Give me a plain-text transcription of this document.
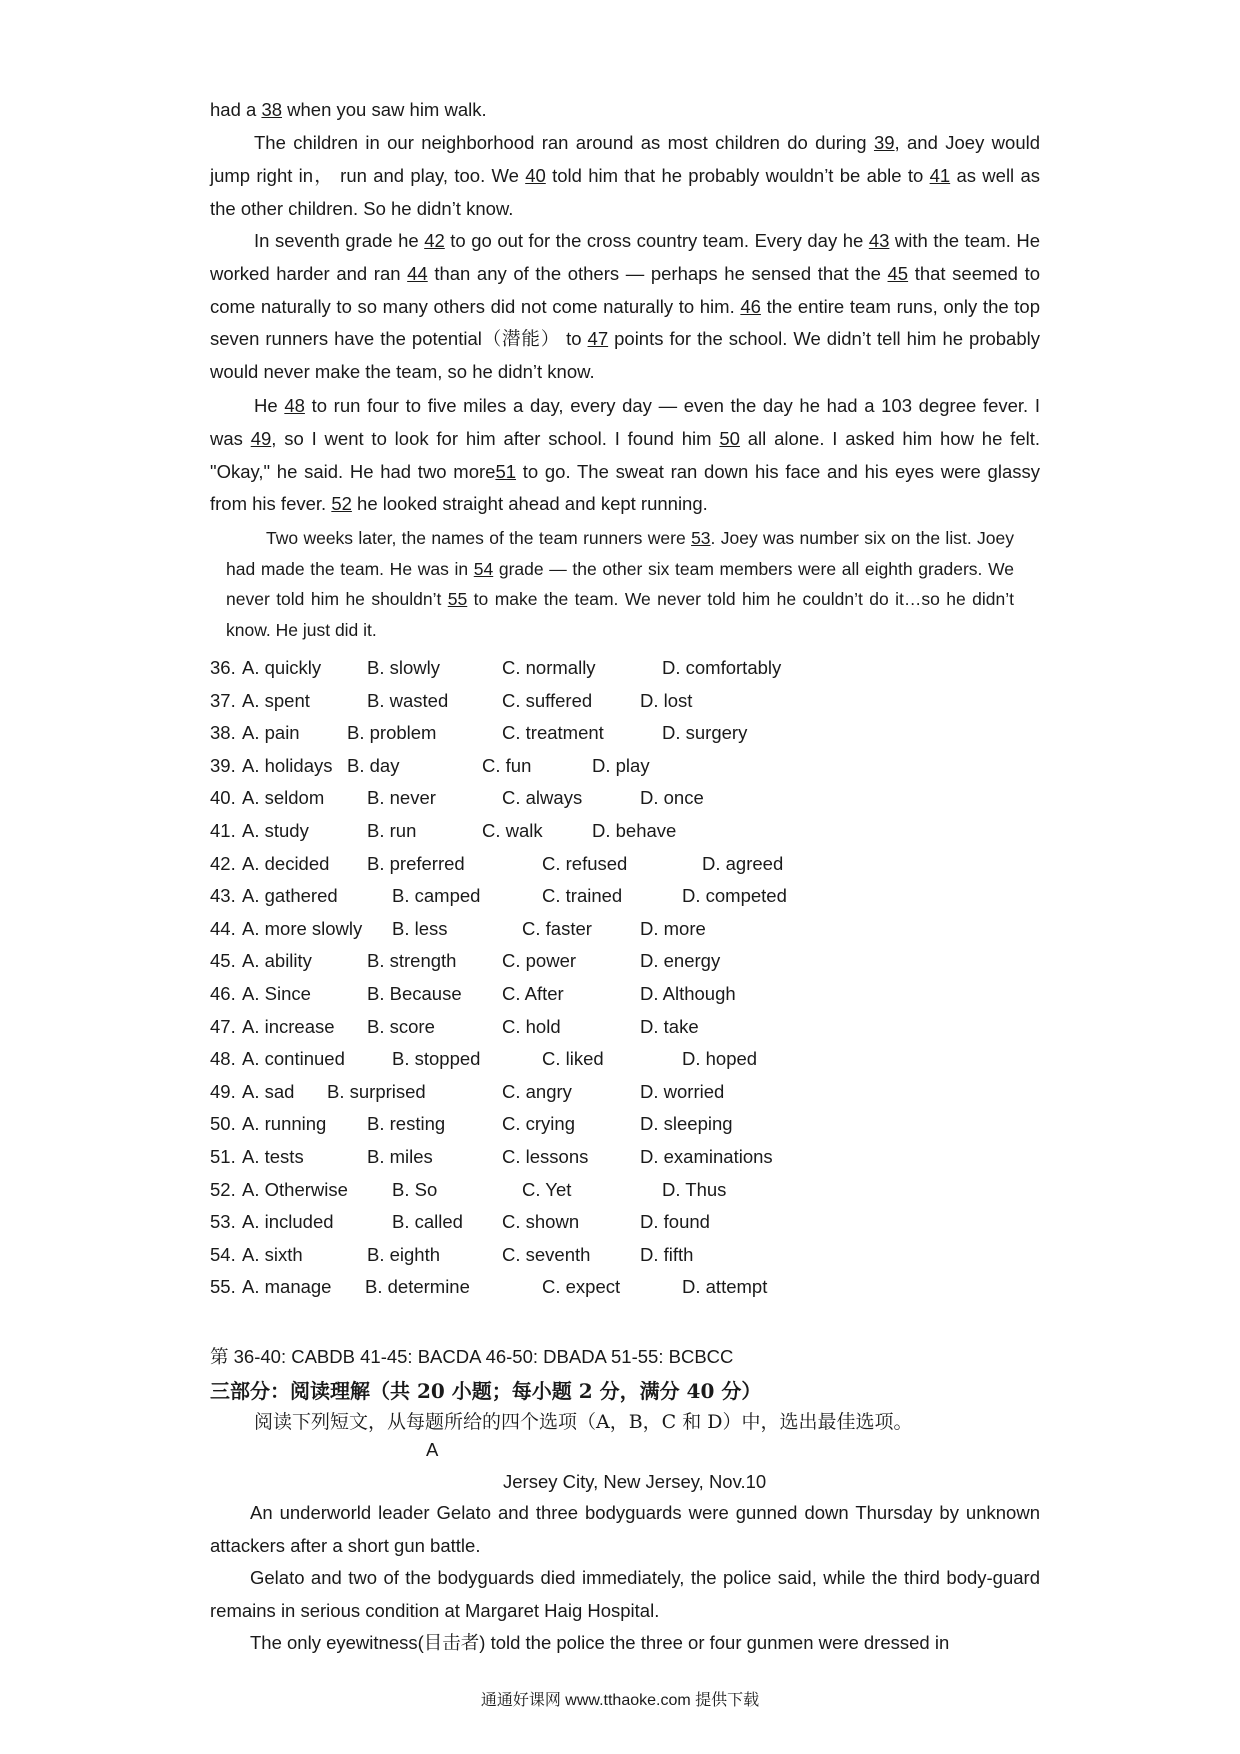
had a 38 when you saw him walk.

The children in our neighborhood ran around as most children do during 39, and Joey would jump right in， run and play, too. We 40 told him that he probably wouldn’t be able to 41 as well as the other children. So he didn’t know.

In seventh grade he 42 to go out for the cross country team. Every day he 43 with the team. He worked harder and ran 44 than any of the others — perhaps he sensed that the 45 that seemed to come naturally to so many others did not come naturally to him. 46 the entire team runs, only the top seven runners have the potential（潜能） to 47 points for the school. We didn’t tell him he probably would never make the team, so he didn’t know.

He 48 to run four to five miles a day, every day — even the day he had a 103 degree fever. I was 49, so I went to look for him after school. I found him 50 all alone. I asked him how he felt. "Okay," he said. He had two more51 to go. The sweat ran down his face and his eyes were glassy from his fever. 52 he looked straight ahead and kept running.

Two weeks later, the names of the team runners were 53. Joey was number six on the list. Joey had made the team. He was in 54 grade — the other six team members were all eighth graders. We never told him he shouldn’t 55 to make the team. We never told him he couldn’t do it…so he didn’t know. He just did it.

36. A. quickly B. slowly	C. normally	D. comfortably
37. A. spent	B. wasted	C. suffered	D. lost
38. A. pain	B. problem	C. treatment	D. surgery
39. A. holidays B. day	C. fun	D. play
40. A. seldom B. never	C. always	D. once
41. A. study	B. run	C. walk	D. behave
42. A. decided B. preferred	C. refused	D. agreed
43. A. gathered	B. camped	C. trained	D. competed
44. A. more slowly B. less	C. faster	D. more
45. A. ability	B. strength C. power	D. energy
46. A. Since	B. Because C. After	D. Although
47. A. increase B. score	C. hold	D. take
48. A. continued	B. stopped	C. liked	D. hoped
49. A. sad B. surprised	C. angry	D. worried
50. A. running B. resting	C. crying	D. sleeping
51. A. tests	B. miles	C. lessons	D. examinations
52. A. Otherwise B. So	C. Yet	D. Thus
53. A. included	B. called C. shown	D. found
54. A. sixth	B. eighth	C. seventh	D. fifth
55. A. manage B. determine	C. expect	D. attempt
第 36-40: CABDB 41-45: BACDA 46-50: DBADA 51-55: BCBCC
三部分：阅读理解（共 20 小题；每小题 2 分，满分 40 分）
阅读下列短文，从每题所给的四个选项（A，B，C 和 D）中，选出最佳选项。
A
Jersey City, New Jersey, Nov.10

An underworld leader Gelato and three bodyguards were gunned down Thursday by unknown attackers after a short gun battle.

Gelato and two of the bodyguards died immediately, the police said, while the third body-guard remains in serious condition at Margaret Haig Hospital.

The only eyewitness(目击者) told the police the three or four gunmen were dressed in

通通好课网 www.tthaoke.com 提供下载
